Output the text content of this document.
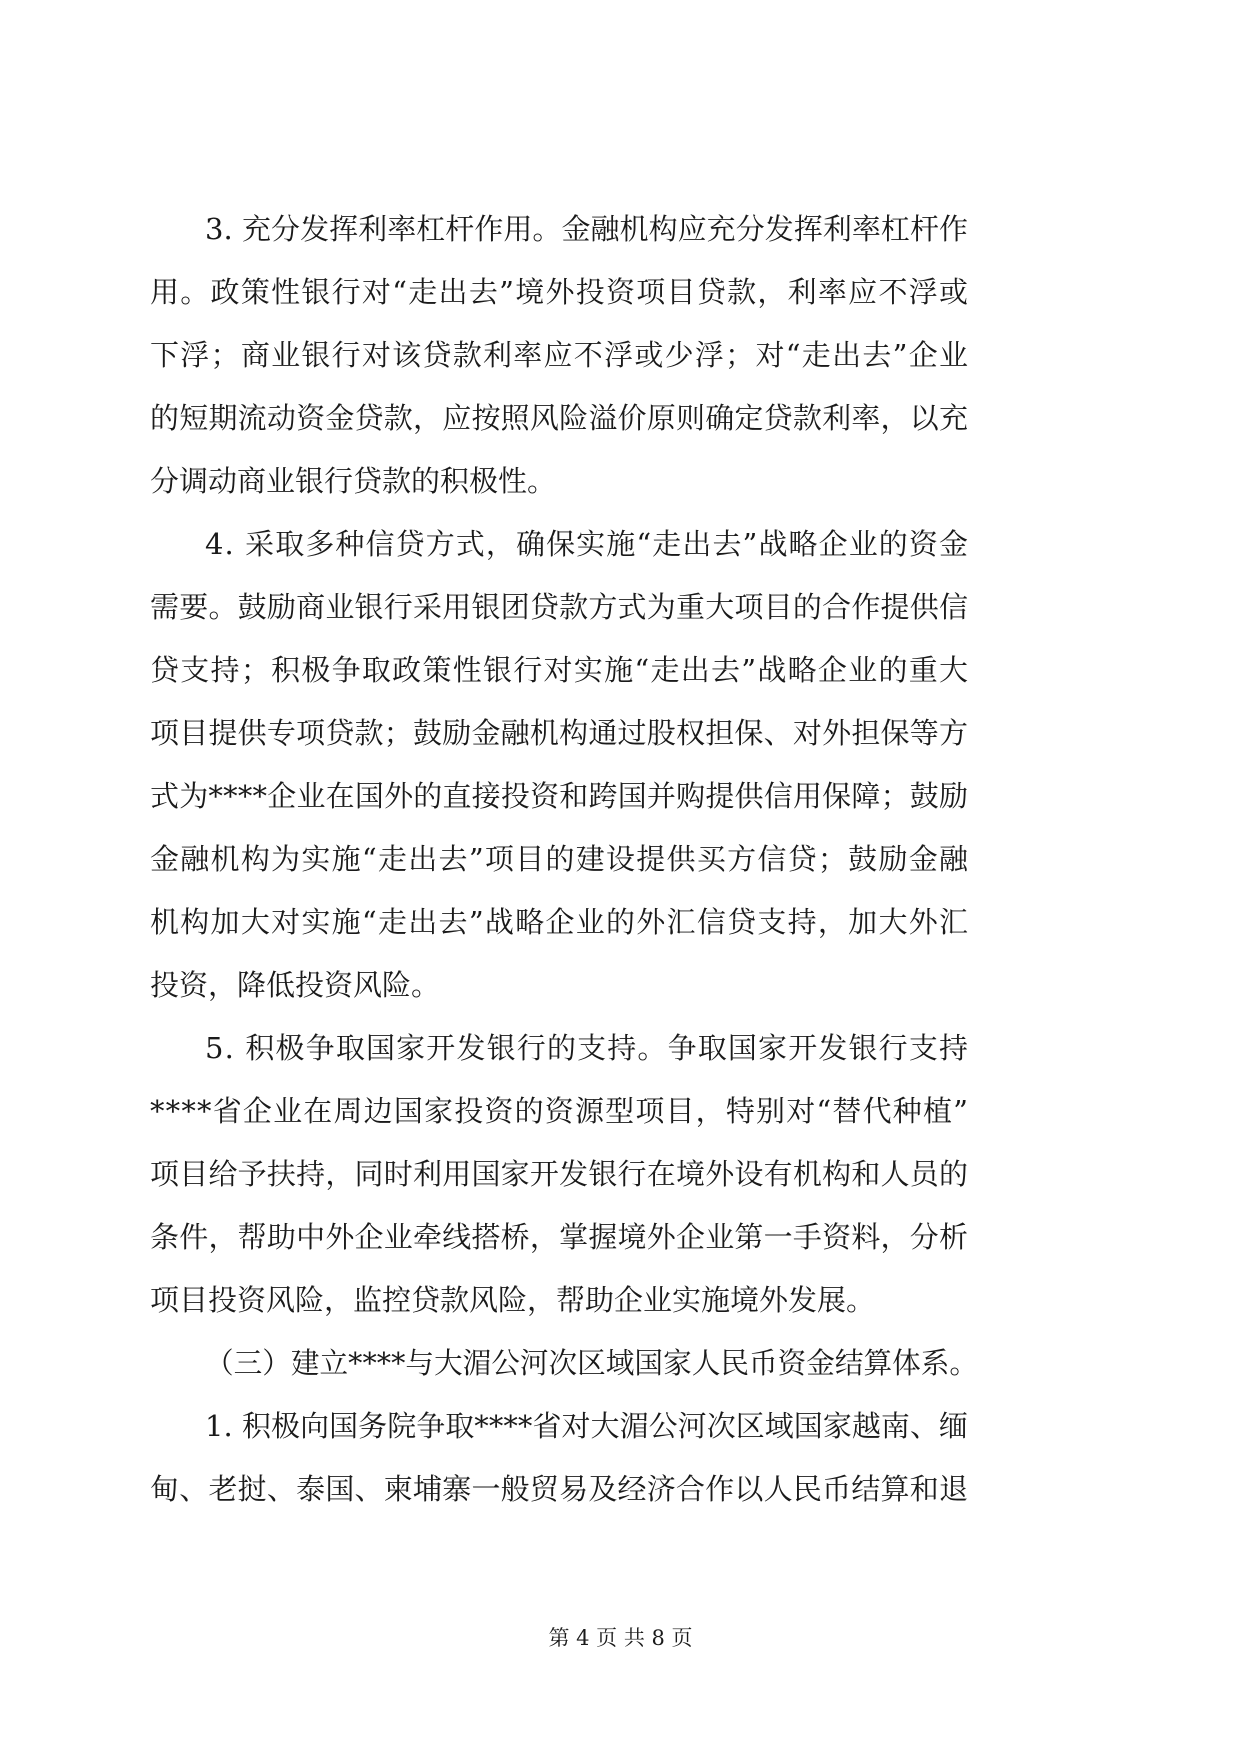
3. 充分发挥利率杠杆作用。金融机构应充分发挥利率杠杆作
用。政策性银行对“走出去”境外投资项目贷款，利率应不浮或
下浮；商业银行对该贷款利率应不浮或少浮；对“走出去”企业
的短期流动资金贷款，应按照风险溢价原则确定贷款利率，以充
分调动商业银行贷款的积极性。
4. 采取多种信贷方式，确保实施“走出去”战略企业的资金
需要。鼓励商业银行采用银团贷款方式为重大项目的合作提供信
贷支持；积极争取政策性银行对实施“走出去”战略企业的重大
项目提供专项贷款；鼓励金融机构通过股权担保、对外担保等方
式为****企业在国外的直接投资和跨国并购提供信用保障；鼓励
金融机构为实施“走出去”项目的建设提供买方信贷；鼓励金融
机构加大对实施“走出去”战略企业的外汇信贷支持，加大外汇
投资，降低投资风险。
5. 积极争取国家开发银行的支持。争取国家开发银行支持
****省企业在周边国家投资的资源型项目，特别对“替代种植”
项目给予扶持，同时利用国家开发银行在境外设有机构和人员的
条件，帮助中外企业牵线搭桥，掌握境外企业第一手资料，分析
项目投资风险，监控贷款风险，帮助企业实施境外发展。
（三）建立****与大湄公河次区域国家人民币资金结算体系。
1. 积极向国务院争取****省对大湄公河次区域国家越南、缅
甸、老挝、泰国、柬埔寨一般贸易及经济合作以人民币结算和退
第 4 页 共 8 页
